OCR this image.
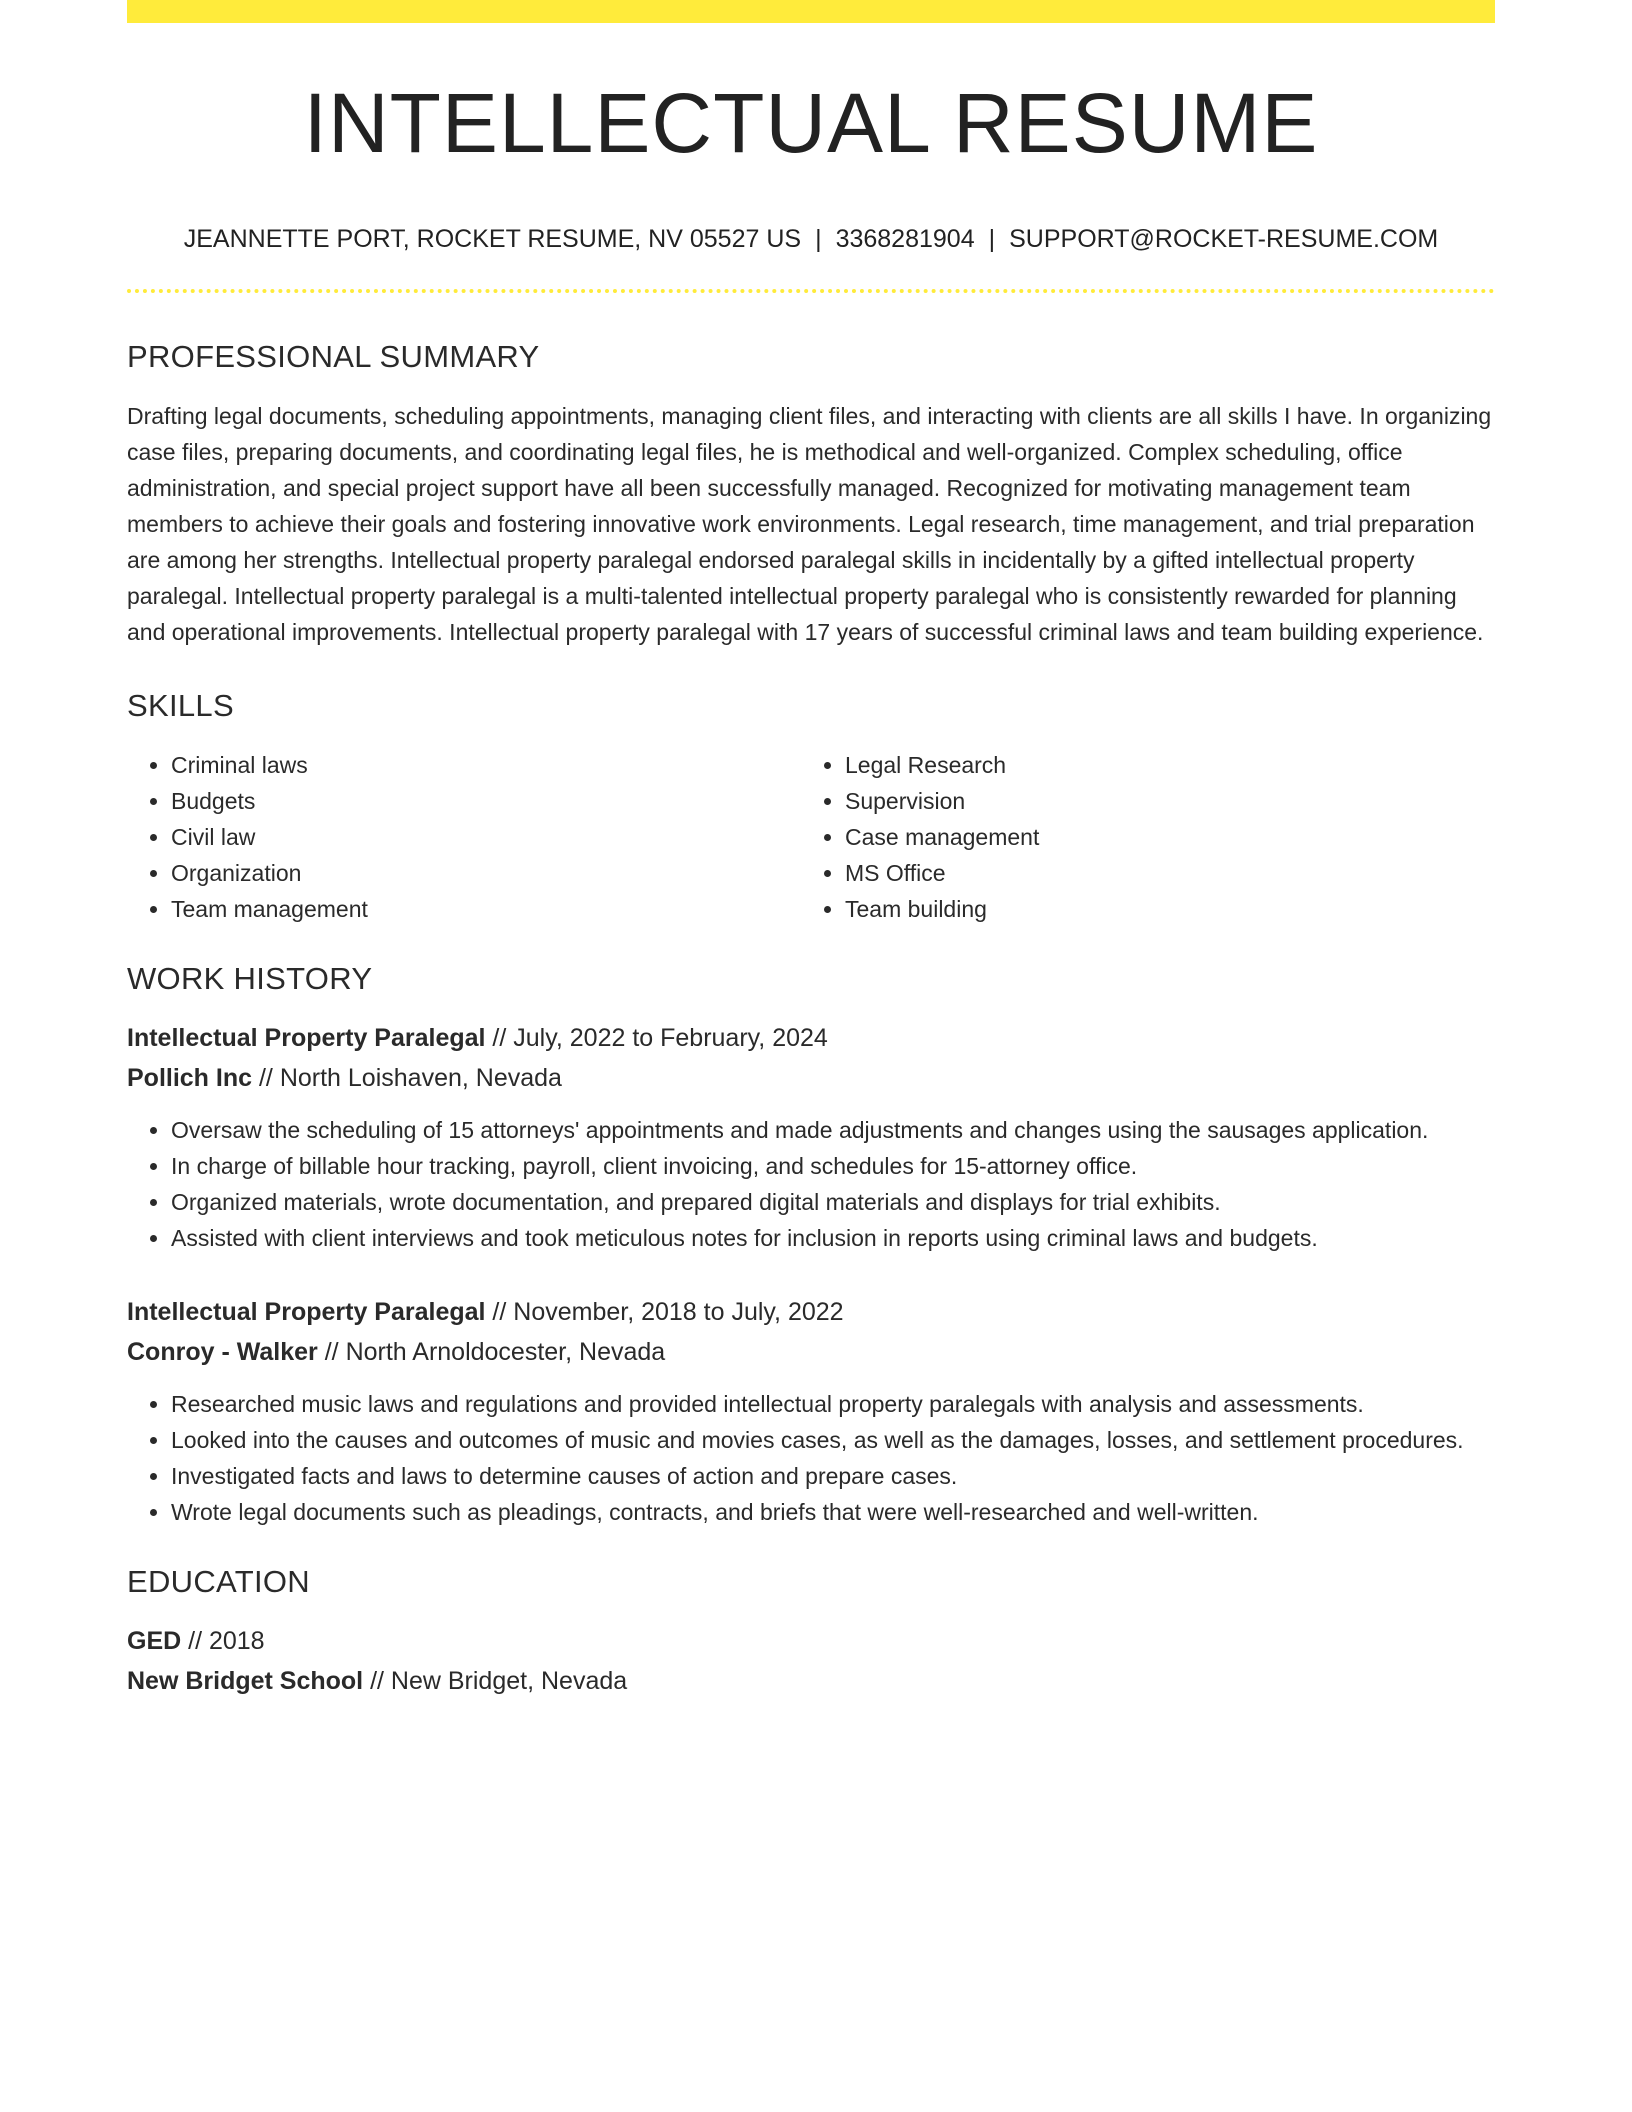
INTELLECTUAL RESUME
JEANNETTE PORT, ROCKET RESUME, NV 05527 US | 3368281904 | SUPPORT@ROCKET-RESUME.COM
PROFESSIONAL SUMMARY

Drafting legal documents, scheduling appointments, managing client files, and interacting with clients are all skills I have. In organizing case files, preparing documents, and coordinating legal files, he is methodical and well-organized. Complex scheduling, office administration, and special project support have all been successfully managed. Recognized for motivating management team members to achieve their goals and fostering innovative work environments. Legal research, time management, and trial preparation are among her strengths. Intellectual property paralegal endorsed paralegal skills in incidentally by a gifted intellectual property paralegal. Intellectual property paralegal is a multi-talented intellectual property paralegal who is consistently rewarded for planning and operational improvements. Intellectual property paralegal with 17 years of successful criminal laws and team building experience.

SKILLS
• Criminal laws
• Budgets
• Civil law
• Organization
• Team management
• Legal Research
• Supervision
• Case management
• MS Office
• Team building
WORK HISTORY
Intellectual Property Paralegal // July, 2022 to February, 2024
Pollich Inc // North Loishaven, Nevada
• Oversaw the scheduling of 15 attorneys' appointments and made adjustments and changes using the sausages application.
• In charge of billable hour tracking, payroll, client invoicing, and schedules for 15-attorney office.
• Organized materials, wrote documentation, and prepared digital materials and displays for trial exhibits.
• Assisted with client interviews and took meticulous notes for inclusion in reports using criminal laws and budgets.
Intellectual Property Paralegal // November, 2018 to July, 2022
Conroy - Walker // North Arnoldocester, Nevada
• Researched music laws and regulations and provided intellectual property paralegals with analysis and assessments.
• Looked into the causes and outcomes of music and movies cases, as well as the damages, losses, and settlement procedures.
• Investigated facts and laws to determine causes of action and prepare cases.
• Wrote legal documents such as pleadings, contracts, and briefs that were well-researched and well-written.
EDUCATION
GED // 2018
New Bridget School // New Bridget, Nevada
